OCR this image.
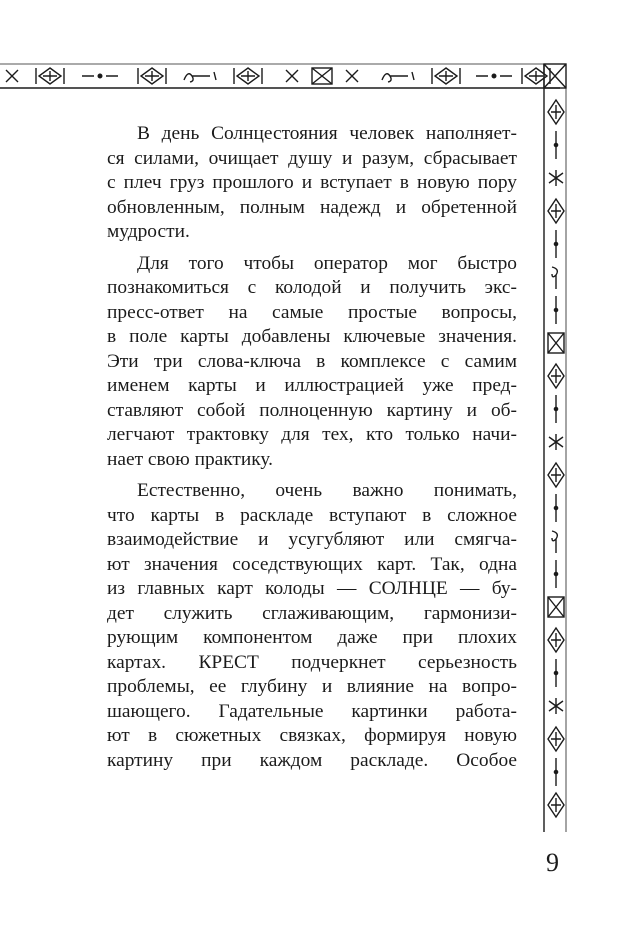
В день Солнцестояния человек наполняет-
ся силами, очищает душу и разум, сбрасывает
с плеч груз прошлого и вступает в новую пору
обновленным, полным надежд и обретенной
мудрости.

Для того чтобы оператор мог быстро
познакомиться с колодой и получить экс-
пресс-ответ на самые простые вопросы,
в поле карты добавлены ключевые значения.
Эти три слова-ключа в комплексе с самим
именем карты и иллюстрацией уже пред-
ставляют собой полноценную картину и об-
легчают трактовку для тех, кто только начи-
нает свою практику.

Естественно, очень важно понимать,
что карты в раскладе вступают в сложное
взаимодействие и усугубляют или смягча-
ют значения соседствующих карт. Так, одна
из главных карт колоды — СОЛНЦЕ — бу-
дет служить сглаживающим, гармонизи-
рующим компонентом даже при плохих
картах. КРЕСТ подчеркнет серьезность
проблемы, ее глубину и влияние на вопро-
шающего. Гадательные картинки работа-
ют в сюжетных связках, формируя новую
картину при каждом раскладе. Особое

9
